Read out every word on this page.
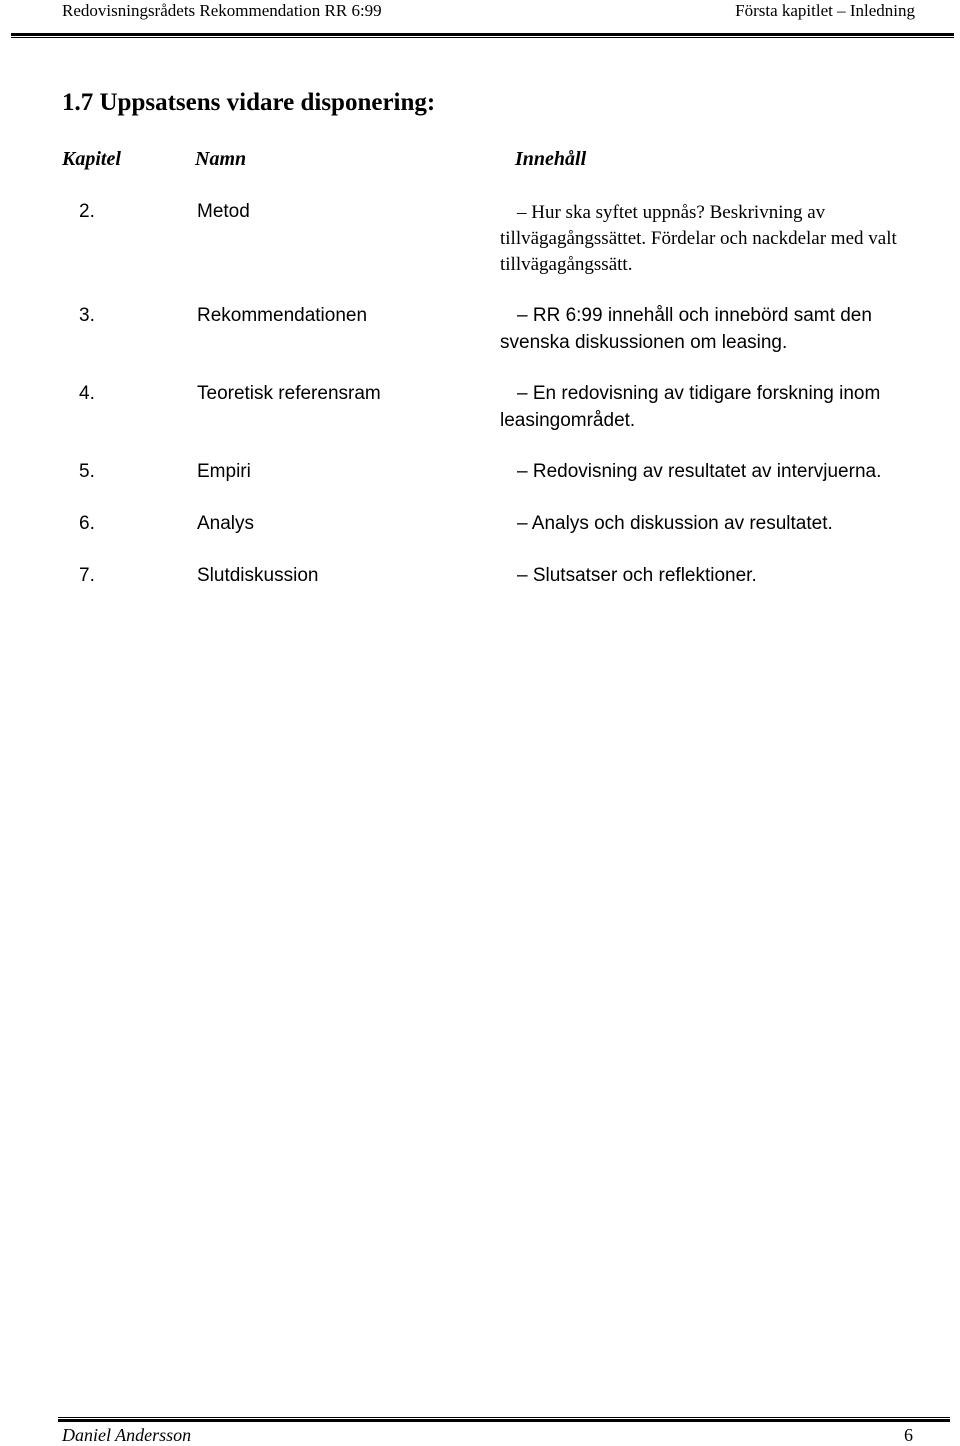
Redovisningsrådets Rekommendation RR 6:99	Första kapitlet – Inledning
1.7 Uppsatsens vidare disponering:
Kapitel	Namn	Innehåll
2.	Metod	– Hur ska syftet uppnås? Beskrivning av tillvägagångssättet. Fördelar och nackdelar med valt tillvägagångssätt.
3.	Rekommendationen	– RR 6:99 innehåll och innebörd samt den svenska diskussionen om leasing.
4.	Teoretisk referensram	– En redovisning av tidigare forskning inom leasingområdet.
5.	Empiri	– Redovisning av resultatet av intervjuerna.
6.	Analys	– Analys och diskussion av resultatet.
7.	Slutdiskussion	– Slutsatser och reflektioner.
Daniel Andersson	6
